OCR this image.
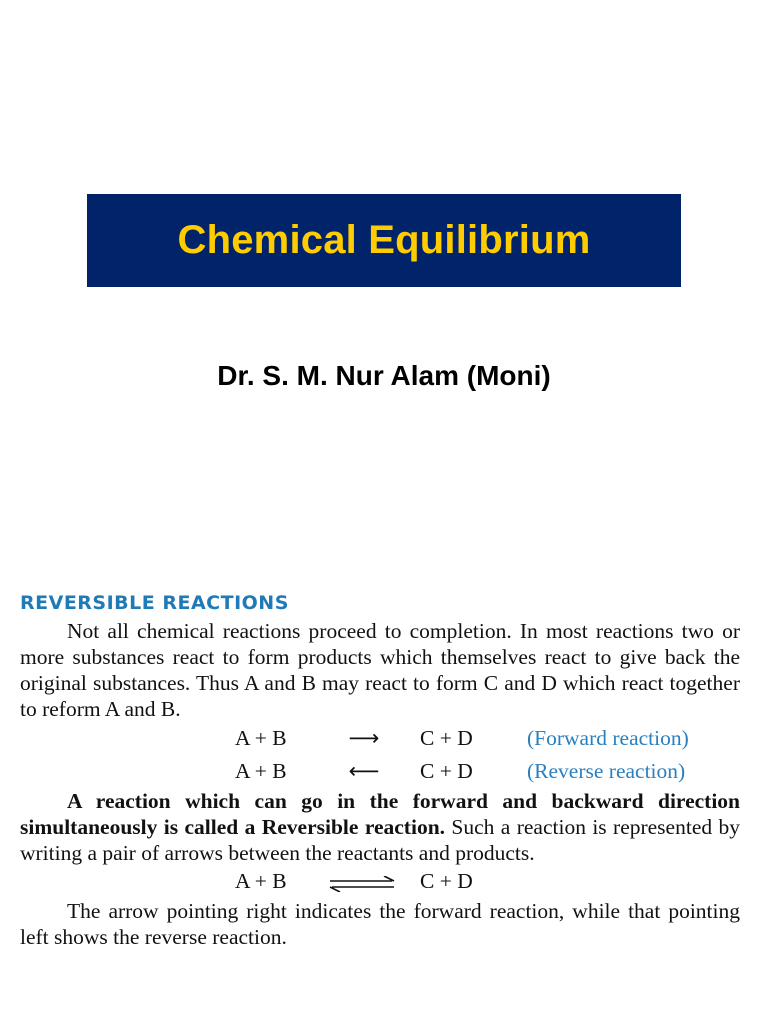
Chemical Equilibrium
Dr. S. M. Nur Alam (Moni)
REVERSIBLE REACTIONS

Not all chemical reactions proceed to completion. In most reactions two or more substances react to form products which themselves react to give back the original substances. Thus A and B may react to form C and D which react together to reform A and B.

A + B	⟶	C + D	(Forward reaction)
A + B	⟵	C + D	(Reverse reaction)

A reaction which can go in the forward and backward direction simultaneously is called a Reversible reaction. Such a reaction is represented by writing a pair of arrows between the reactants and products.

A + B ⇌ C + D

The arrow pointing right indicates the forward reaction, while that pointing left shows the reverse reaction.
